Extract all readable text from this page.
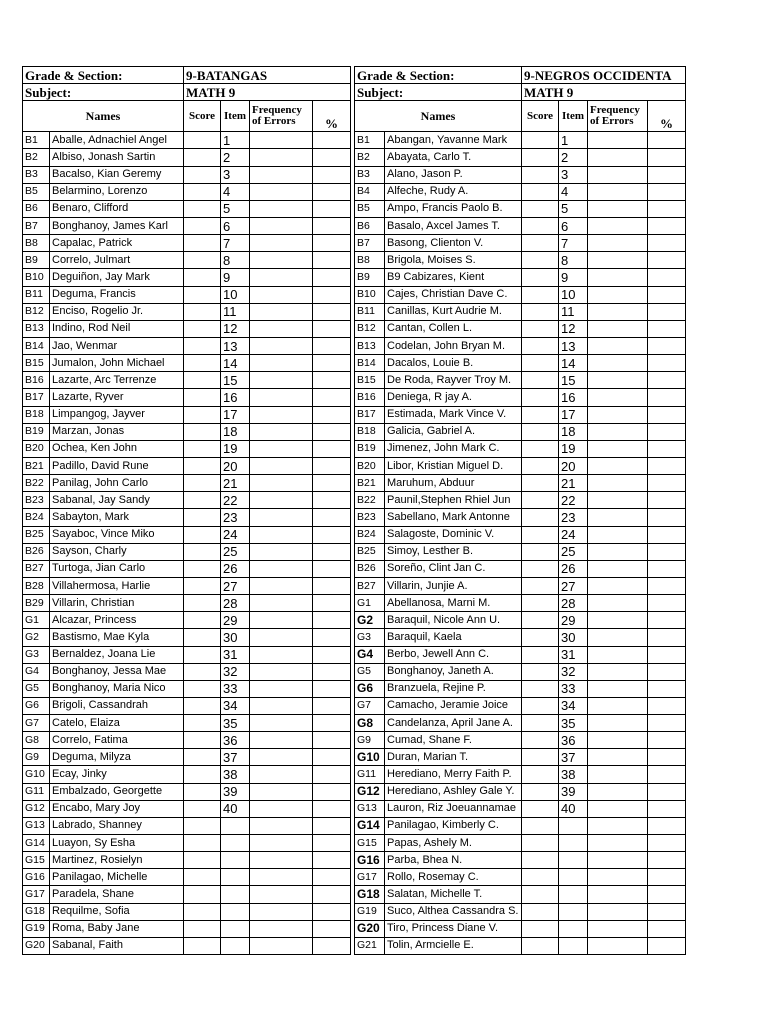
Grade & Section:		9-BATANGAS			
Subject:		MATH 9			
Names		Score	Item	Frequency of Errors	%
B1	Aballe, Adnachiel Angel		1		
B2	Albiso, Jonash Sartin		2		
B3	Bacalso, Kian Geremy		3		
B5	Belarmino, Lorenzo		4		
B6	Benaro, Clifford		5		
B7	Bonghanoy, James Karl		6		
B8	Capalac, Patrick		7		
B9	Correlo, Julmart		8		
B10	Deguiñon, Jay Mark		9		
B11	Deguma, Francis		10		
B12	Enciso, Rogelio Jr.		11		
B13	Indino, Rod Neil		12		
B14	Jao, Wenmar		13		
B15	Jumalon, John Michael		14		
B16	Lazarte, Arc Terrenze		15		
B17	Lazarte, Ryver		16		
B18	Limpangog, Jayver		17		
B19	Marzan, Jonas		18		
B20	Ochea, Ken John		19		
B21	Padillo, David Rune		20		
B22	Panilag, John Carlo		21		
B23	Sabanal, Jay Sandy		22		
B24	Sabayton, Mark		23		
B25	Sayaboc, Vince Miko		24		
B26	Sayson, Charly		25		
B27	Turtoga, Jian Carlo		26		
B28	Villahermosa, Harlie		27		
B29	Villarin, Christian		28		
G1	Alcazar, Princess		29		
G2	Bastismo, Mae Kyla		30		
G3	Bernaldez, Joana Lie		31		
G4	Bonghanoy, Jessa Mae		32		
G5	Bonghanoy, Maria Nico		33		
G6	Brigoli, Cassandrah		34		
G7	Catelo, Elaiza		35		
G8	Correlo, Fatima		36		
G9	Deguma, Milyza		37		
G10	Ecay, Jinky		38		
G11	Embalzado, Georgette		39		
G12	Encabo, Mary Joy		40		
G13	Labrado, Shanney				
G14	Luayon, Sy Esha				
G15	Martinez, Rosielyn				
G16	Panilagao, Michelle				
G17	Paradela, Shane				
G18	Requilme, Sofia				
G19	Roma, Baby Jane				
G20	Sabanal, Faith				
Grade & Section:		9-NEGROS OCCIDENTA			
Subject:		MATH 9			
Names		Score	Item	Frequency of Errors	%
B1	Abangan, Yavanne Mark		1		
B2	Abayata, Carlo T.		2		
B3	Alano, Jason P.		3		
B4	Alfeche, Rudy A.		4		
B5	Ampo, Francis Paolo B.		5		
B6	Basalo, Axcel James T.		6		
B7	Basong, Clienton V.		7		
B8	Brigola, Moises S.		8		
B9	B9 Cabizares, Kient		9		
B10	Cajes, Christian Dave C.		10		
B11	Canillas, Kurt Audrie M.		11		
B12	Cantan, Collen L.		12		
B13	Codelan, John Bryan M.		13		
B14	Dacalos, Louie B.		14		
B15	De Roda, Rayver Troy M.		15		
B16	Deniega, R jay A.		16		
B17	Estimada, Mark Vince V.		17		
B18	Galicia, Gabriel A.		18		
B19	Jimenez, John Mark C.		19		
B20	Libor, Kristian Miguel D.		20		
B21	Maruhum, Abduur		21		
B22	Paunil,Stephen Rhiel Jun		22		
B23	Sabellano, Mark Antonne		23		
B24	Salagoste, Dominic V.		24		
B25	Simoy, Lesther B.		25		
B26	Soreño, Clint Jan C.		26		
B27	Villarin, Junjie A.		27		
G1	Abellanosa, Marni M.		28		
G2	Baraquil, Nicole Ann U.		29		
G3	Baraquil, Kaela		30		
G4	Berbo, Jewell Ann C.		31		
G5	Bonghanoy, Janeth A.		32		
G6	Branzuela, Rejine P.		33		
G7	Camacho, Jeramie Joice		34		
G8	Candelanza, April Jane A.		35		
G9	Cumad, Shane F.		36		
G10	Duran, Marian T.		37		
G11	Herediano, Merry Faith P.		38		
G12	Herediano, Ashley Gale Y.		39		
G13	Lauron, Riz Joeuannamae		40		
G14	Panilagao, Kimberly C.				
G15	Papas, Ashely M.				
G16	Parba, Bhea N.				
G17	Rollo, Rosemay C.				
G18	Salatan, Michelle T.				
G19	Suco, Althea Cassandra S.				
G20	Tiro, Princess Diane V.				
G21	Tolin, Armcielle E.				
